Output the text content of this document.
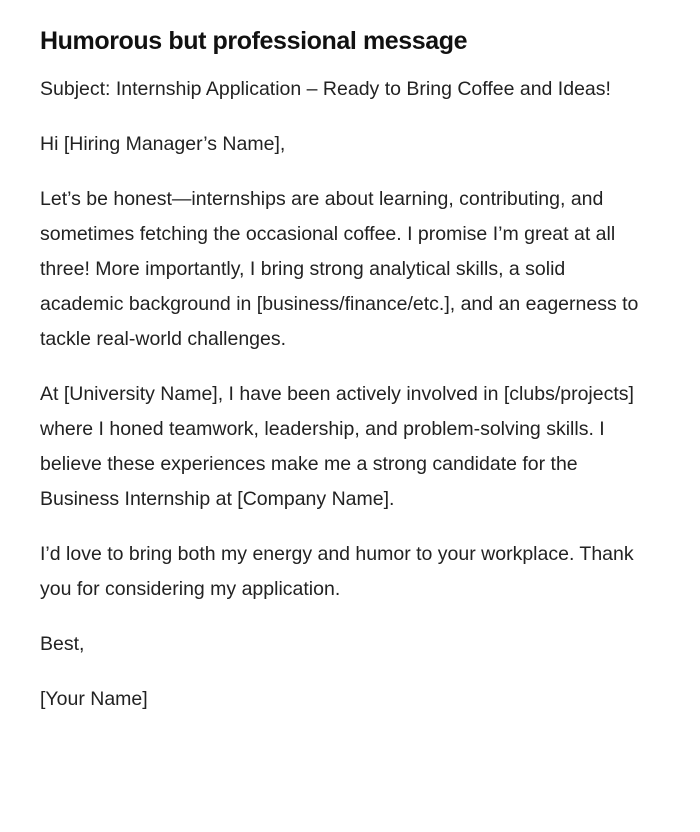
Humorous but professional message

Subject: Internship Application – Ready to Bring Coffee and Ideas!

Hi [Hiring Manager’s Name],

Let’s be honest—internships are about learning, contributing, and sometimes fetching the occasional coffee. I promise I’m great at all three! More importantly, I bring strong analytical skills, a solid academic background in [business/finance/etc.], and an eagerness to tackle real-world challenges.

At [University Name], I have been actively involved in [clubs/projects] where I honed teamwork, leadership, and problem-solving skills. I believe these experiences make me a strong candidate for the Business Internship at [Company Name].

I’d love to bring both my energy and humor to your workplace. Thank you for considering my application.

Best,

[Your Name]
